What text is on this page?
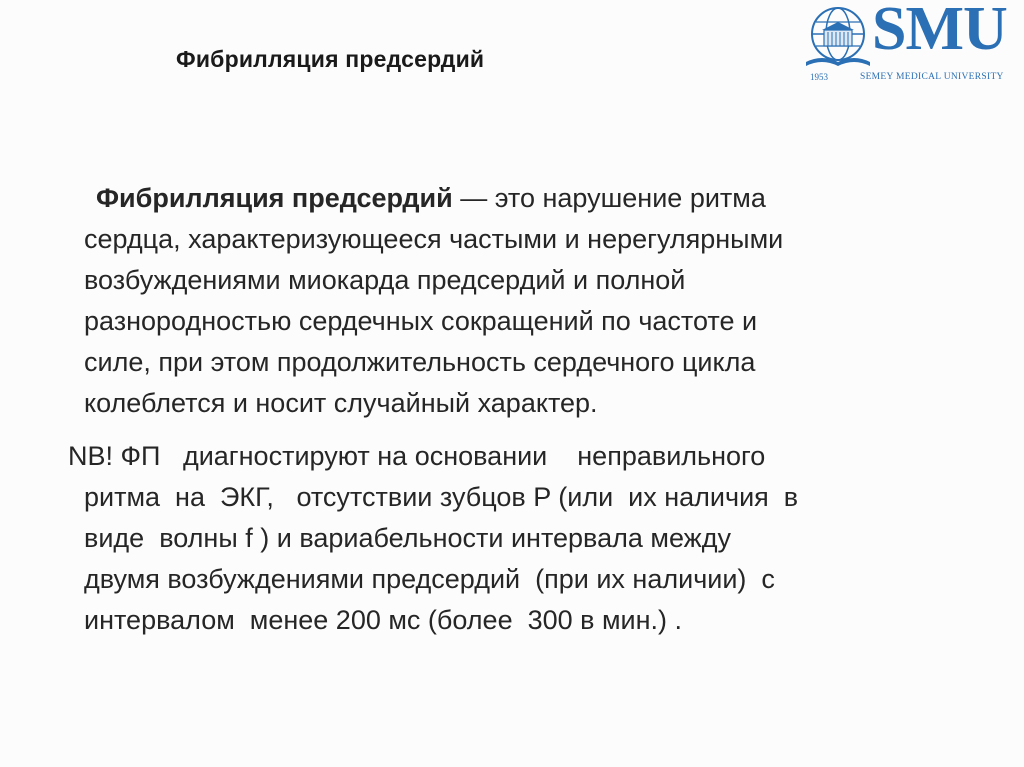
Фибрилляция предсердий	SMU
1953	SEMEY MEDICAL UNIVERSITY
Фибрилляция предсердий — это нарушение ритма
сердца, характеризующееся частыми и нерегулярными
возбуждениями миокарда предсердий и полной
разнородностью сердечных сокращений по частоте и
силе, при этом продолжительность сердечного цикла
колеблется и носит случайный характер.
NB! ФП   диагностируют на основании    неправильного
ритма  на  ЭКГ,   отсутствии зубцов P (или  их наличия  в
виде  волны f ) и вариабельности интервала между
двумя возбуждениями предсердий  (при их наличии)  с
интервалом  менее 200 мс (более  300 в мин.) .
